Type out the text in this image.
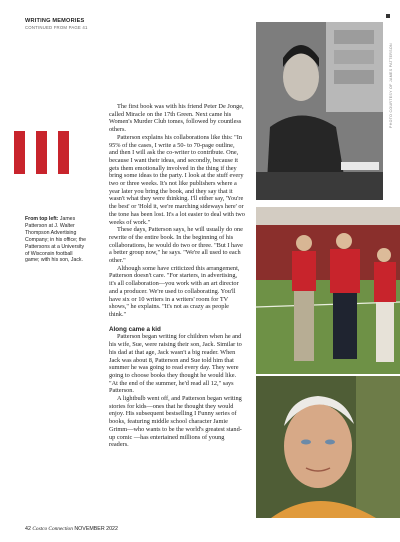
WRITING MEMORIES
CONTINUED FROM PAGE 41
From top left: James Patterson at J. Walter Thompson Advertising Company; in his office; the Pattersons at a University of Wisconsin football game; with his son, Jack.

The first book was with his friend Peter De Jonge, called Miracle on the 17th Green. Next came his Women's Murder Club tomes, followed by countless others.

Patterson explains his collaborations like this: "In 95% of the cases, I write a 50- to 70-page outline, and then I will ask the co-writer to contribute. One, because I want their ideas, and secondly, because it gets them emotionally involved in the thing if they bring some ideas to the party. I look at the stuff every two or three weeks. It's not like publishers where a year later you bring the book, and they say that it wasn't what they were thinking. I'll either say, 'You're the best' or 'Hold it, we're marching sideways here' or the tone has been lost. It's a lot easier to deal with two weeks of work."

These days, Patterson says, he will usually do one rewrite of the entire book. In the beginning of his collaborations, he would do two or three. "But I have a better group now," he says. "We're all used to each other."

Although some have criticized this arrangement, Patterson doesn't care. "For starters, in advertising, it's all collaboration—you work with an art director and a producer. We're used to collaborating. You'll have six or 10 writers in a writers' room for TV shows," he explains. "It's not as crazy as people think."

Along came a kid

Patterson began writing for children when he and his wife, Sue, were raising their son, Jack. Similar to his dad at that age, Jack wasn't a big reader. When Jack was about 8, Patterson and Sue told him that summer he was going to read every day. They were going to choose books they thought he would like. "At the end of the summer, he'd read all 12," says Patterson.

A lightbulb went off, and Patterson began writing stories for kids—ones that he thought they would enjoy. His subsequent bestselling I Funny series of books, featuring middle school character Jamie Grimm—who wants to be the world's greatest stand-up comic —has entertained millions of young readers.

PHOTO COURTESY OF JAMES PATTERSON
42 Costco Connection NOVEMBER 2022
